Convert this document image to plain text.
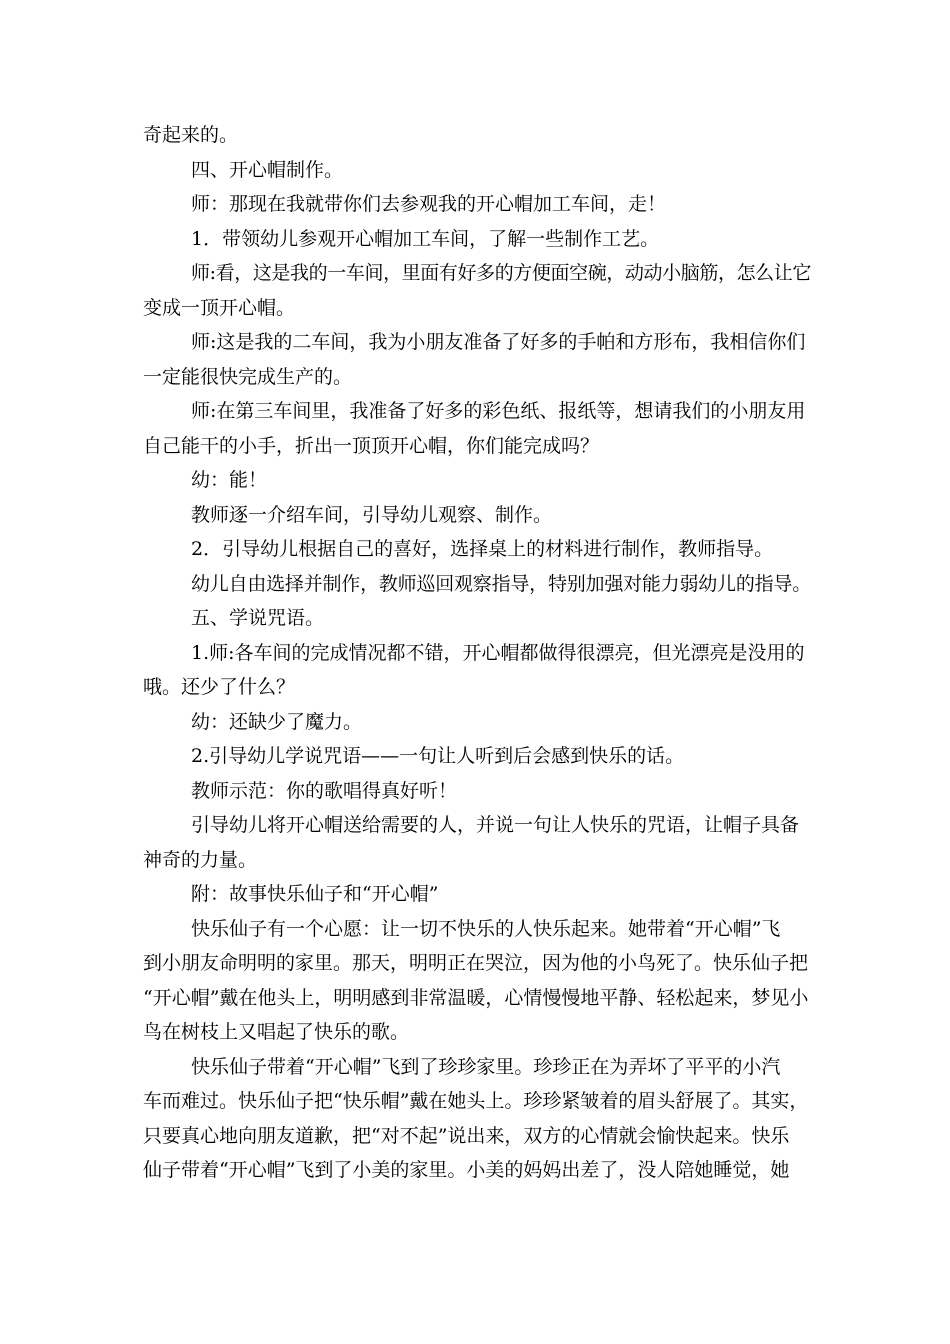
奇起来的。

四、开心帽制作。

师：那现在我就带你们去参观我的开心帽加工车间，走！

1．带领幼儿参观开心帽加工车间，了解一些制作工艺。

师:看，这是我的一车间，里面有好多的方便面空碗，动动小脑筋，怎么让它

变成一顶开心帽。

师:这是我的二车间，我为小朋友准备了好多的手帕和方形布，我相信你们

一定能很快完成生产的。

师:在第三车间里，我准备了好多的彩色纸、报纸等，想请我们的小朋友用

自己能干的小手，折出一顶顶开心帽，你们能完成吗？

幼：能！

教师逐一介绍车间，引导幼儿观察、制作。

2．引导幼儿根据自己的喜好，选择桌上的材料进行制作，教师指导。

幼儿自由选择并制作，教师巡回观察指导，特别加强对能力弱幼儿的指导。

五、学说咒语。

1.师:各车间的完成情况都不错，开心帽都做得很漂亮，但光漂亮是没用的

哦。还少了什么？

幼：还缺少了魔力。

2.引导幼儿学说咒语——一句让人听到后会感到快乐的话。

教师示范：你的歌唱得真好听！

引导幼儿将开心帽送给需要的人，并说一句让人快乐的咒语，让帽子具备

神奇的力量。

附：故事快乐仙子和“开心帽”

快乐仙子有一个心愿：让一切不快乐的人快乐起来。她带着“开心帽”飞

到小朋友命明明的家里。那天，明明正在哭泣，因为他的小鸟死了。快乐仙子把

“开心帽”戴在他头上，明明感到非常温暖，心情慢慢地平静、轻松起来，梦见小

鸟在树枝上又唱起了快乐的歌。

快乐仙子带着“开心帽”飞到了珍珍家里。珍珍正在为弄坏了平平的小汽

车而难过。快乐仙子把“快乐帽”戴在她头上。珍珍紧皱着的眉头舒展了。其实，

只要真心地向朋友道歉，把“对不起”说出来，双方的心情就会愉快起来。快乐

仙子带着“开心帽”飞到了小美的家里。小美的妈妈出差了，没人陪她睡觉，她
